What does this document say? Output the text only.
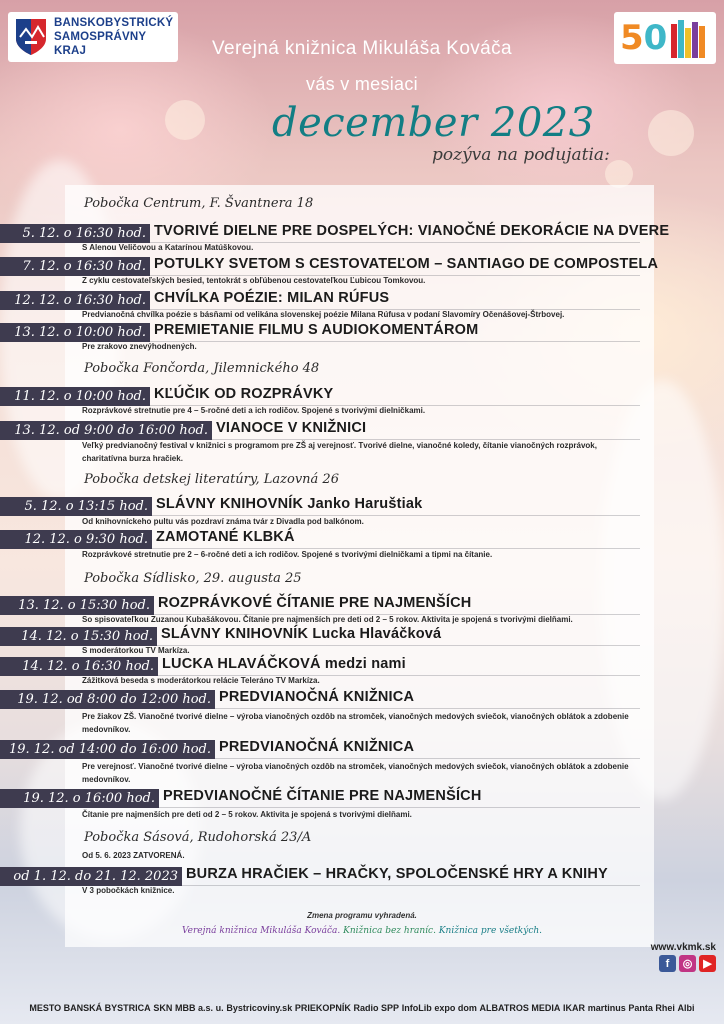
BANSKOBYSTRICKÝ
SAMOSPRÁVNY KRAJ	50
Verejná knižnica Mikuláša Kováča
vás v mesiaci
december 2023
pozýva na podujatia:
Pobočka Centrum, F. Švantnera 18
5. 12. o 16:30 hod. TVORIVÉ DIELNE PRE DOSPELÝCH: VIANOČNÉ DEKORÁCIE NA DVERE
S Alenou Veličovou a Katarínou Matúškovou.
7. 12. o 16:30 hod. POTULKY SVETOM S CESTOVATEĽOM – SANTIAGO DE COMPOSTELA
Z cyklu cestovateľských besied, tentokrát s obľúbenou cestovateľkou Ľubicou Tomkovou.
12. 12. o 16:30 hod. CHVÍLKA POÉZIE: MILAN RÚFUS
Predvianočná chvílka poézie s básňami od velikána slovenskej poézie Milana Rúfusa v podaní Slavomíry Očenášovej-Štrbovej.
13. 12. o 10:00 hod. PREMIETANIE FILMU S AUDIOKOMENTÁROM
Pre zrakovo znevýhodnených.
Pobočka Fončorda, Jilemnického 48
11. 12. o 10:00 hod. KĽÚČIK OD ROZPRÁVKY
Rozprávkové stretnutie pre 4 – 5-ročné deti a ich rodičov. Spojené s tvorivými dielničkami.
13. 12. od 9:00 do 16:00 hod. VIANOCE V KNIŽNICI
Veľký predvianočný festival v knižnici s programom pre ZŠ aj verejnosť. Tvorivé dielne, vianočné koledy, čítanie vianočných rozprávok, charitatívna burza hračiek.
Pobočka detskej literatúry, Lazovná 26
5. 12. o 13:15 hod. SLÁVNY KNIHOVNÍK Janko Haruštiak
Od knihovníckeho pultu vás pozdraví známa tvár z Divadla pod balkónom.
12. 12. o 9:30 hod. ZAMOTANÉ KLBKÁ
Rozprávkové stretnutie pre 2 – 6-ročné deti a ich rodičov. Spojené s tvorivými dielničkami a tipmi na čítanie.
Pobočka Sídlisko, 29. augusta 25
13. 12. o 15:30 hod. ROZPRÁVKOVÉ ČÍTANIE PRE NAJMENŠÍCH
So spisovateľkou Zuzanou Kubašákovou. Čítanie pre najmenších pre deti od 2 – 5 rokov. Aktivita je spojená s tvorivými dielňami.
14. 12. o 15:30 hod. SLÁVNY KNIHOVNÍK Lucka Hlaváčková
S moderátorkou TV Markíza.
14. 12. o 16:30 hod. LUCKA HLAVÁČKOVÁ medzi nami
Zážitková beseda s moderátorkou relácie Teleráno TV Markíza.
19. 12. od 8:00 do 12:00 hod. PREDVIANOČNÁ KNIŽNICA
Pre žiakov ZŠ. Vianočné tvorivé dielne – výroba vianočných ozdôb na stromček, vianočných medových sviečok, vianočných oblátok a zdobenie medovníkov.
19. 12. od 14:00 do 16:00 hod. PREDVIANOČNÁ KNIŽNICA
Pre verejnosť. Vianočné tvorivé dielne – výroba vianočných ozdôb na stromček, vianočných medových sviečok, vianočných oblátok a zdobenie medovníkov.
19. 12. o 16:00 hod. PREDVIANOČNÉ ČÍTANIE PRE NAJMENŠÍCH
Čítanie pre najmenších pre deti od 2 – 5 rokov. Aktivita je spojená s tvorivými dielňami.
Pobočka Sásová, Rudohorská 23/A
Od 5. 6. 2023 ZATVORENÁ.
od 1. 12. do 21. 12. 2023 BURZA HRAČIEK – HRAČKY, SPOLOČENSKÉ HRY A KNIHY
V 3 pobočkách knižnice.
Zmena programu vyhradená.
Verejná knižnica Mikuláša Kováča. Knižnica bez hraníc. Knižnica pre všetkých.
www.vkmk.sk
f	◎ ▶
MESTO BANSKÁ BYSTRICA SKN MBB a.s. u. Bystricoviny.sk PRIEKOPNÍK Radio SPP InfoLib expo dom ALBATROS MEDIA IKAR martinus Panta Rhei Albi
